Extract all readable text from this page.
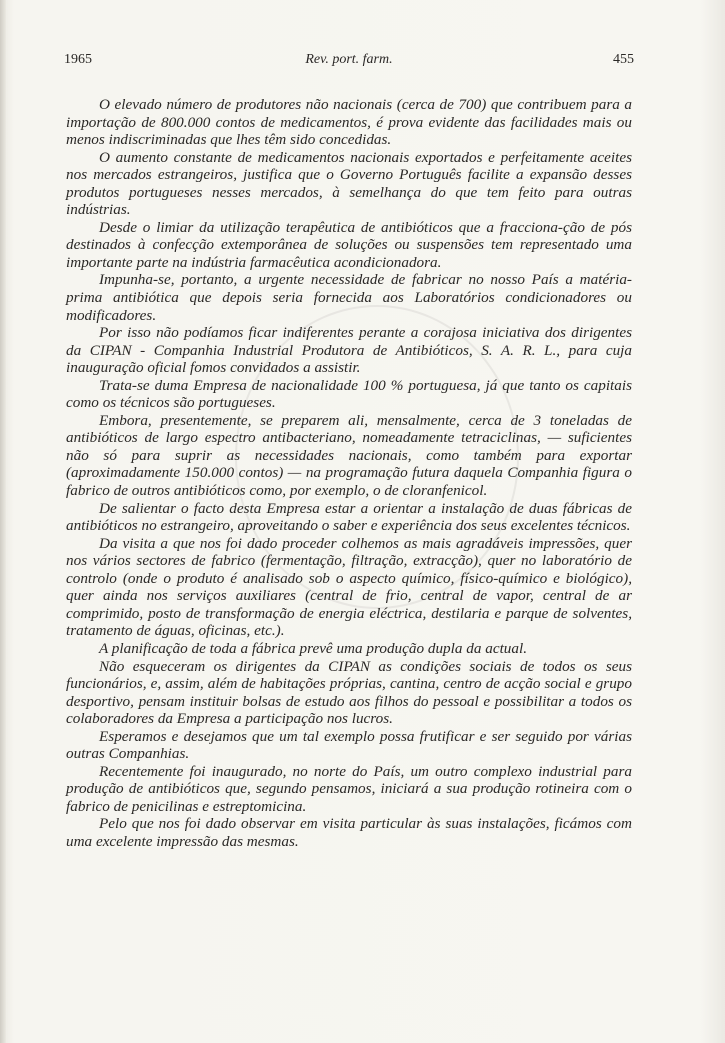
1965	Rev. port. farm.	455

O elevado número de produtores não nacionais (cerca de 700) que contribuem para a importação de 800.000 contos de medicamentos, é prova evidente das facilidades mais ou menos indiscriminadas que lhes têm sido concedidas.

O aumento constante de medicamentos nacionais exportados e perfeitamente aceites nos mercados estrangeiros, justifica que o Governo Português facilite a expansão desses produtos portugueses nesses mercados, à semelhança do que tem feito para outras indústrias.

Desde o limiar da utilização terapêutica de antibióticos que a fracciona-ção de pós destinados à confecção extemporânea de soluções ou suspensões tem representado uma importante parte na indústria farmacêutica acondicionadora.

Impunha-se, portanto, a urgente necessidade de fabricar no nosso País a matéria-prima antibiótica que depois seria fornecida aos Laboratórios condicionadores ou modificadores.

Por isso não podíamos ficar indiferentes perante a corajosa iniciativa dos dirigentes da CIPAN - Companhia Industrial Produtora de Antibióticos, S. A. R. L., para cuja inauguração oficial fomos convidados a assistir.

Trata-se duma Empresa de nacionalidade 100 % portuguesa, já que tanto os capitais como os técnicos são portugueses.

Embora, presentemente, se preparem ali, mensalmente, cerca de 3 toneladas de antibióticos de largo espectro antibacteriano, nomeadamente tetraciclinas, — suficientes não só para suprir as necessidades nacionais, como também para exportar (aproximadamente 150.000 contos) — na programação futura daquela Companhia figura o fabrico de outros antibióticos como, por exemplo, o de cloranfenicol.

De salientar o facto desta Empresa estar a orientar a instalação de duas fábricas de antibióticos no estrangeiro, aproveitando o saber e experiência dos seus excelentes técnicos.

Da visita a que nos foi dado proceder colhemos as mais agradáveis impressões, quer nos vários sectores de fabrico (fermentação, filtração, extracção), quer no laboratório de controlo (onde o produto é analisado sob o aspecto químico, físico-químico e biológico), quer ainda nos serviços auxiliares (central de frio, central de vapor, central de ar comprimido, posto de transformação de energia eléctrica, destilaria e parque de solventes, tratamento de águas, oficinas, etc.).

A planificação de toda a fábrica prevê uma produção dupla da actual.

Não esqueceram os dirigentes da CIPAN as condições sociais de todos os seus funcionários, e, assim, além de habitações próprias, cantina, centro de acção social e grupo desportivo, pensam instituir bolsas de estudo aos filhos do pessoal e possibilitar a todos os colaboradores da Empresa a participação nos lucros.

Esperamos e desejamos que um tal exemplo possa frutificar e ser seguido por várias outras Companhias.

Recentemente foi inaugurado, no norte do País, um outro complexo industrial para produção de antibióticos que, segundo pensamos, iniciará a sua produção rotineira com o fabrico de penicilinas e estreptomicina.

Pelo que nos foi dado observar em visita particular às suas instalações, ficámos com uma excelente impressão das mesmas.
